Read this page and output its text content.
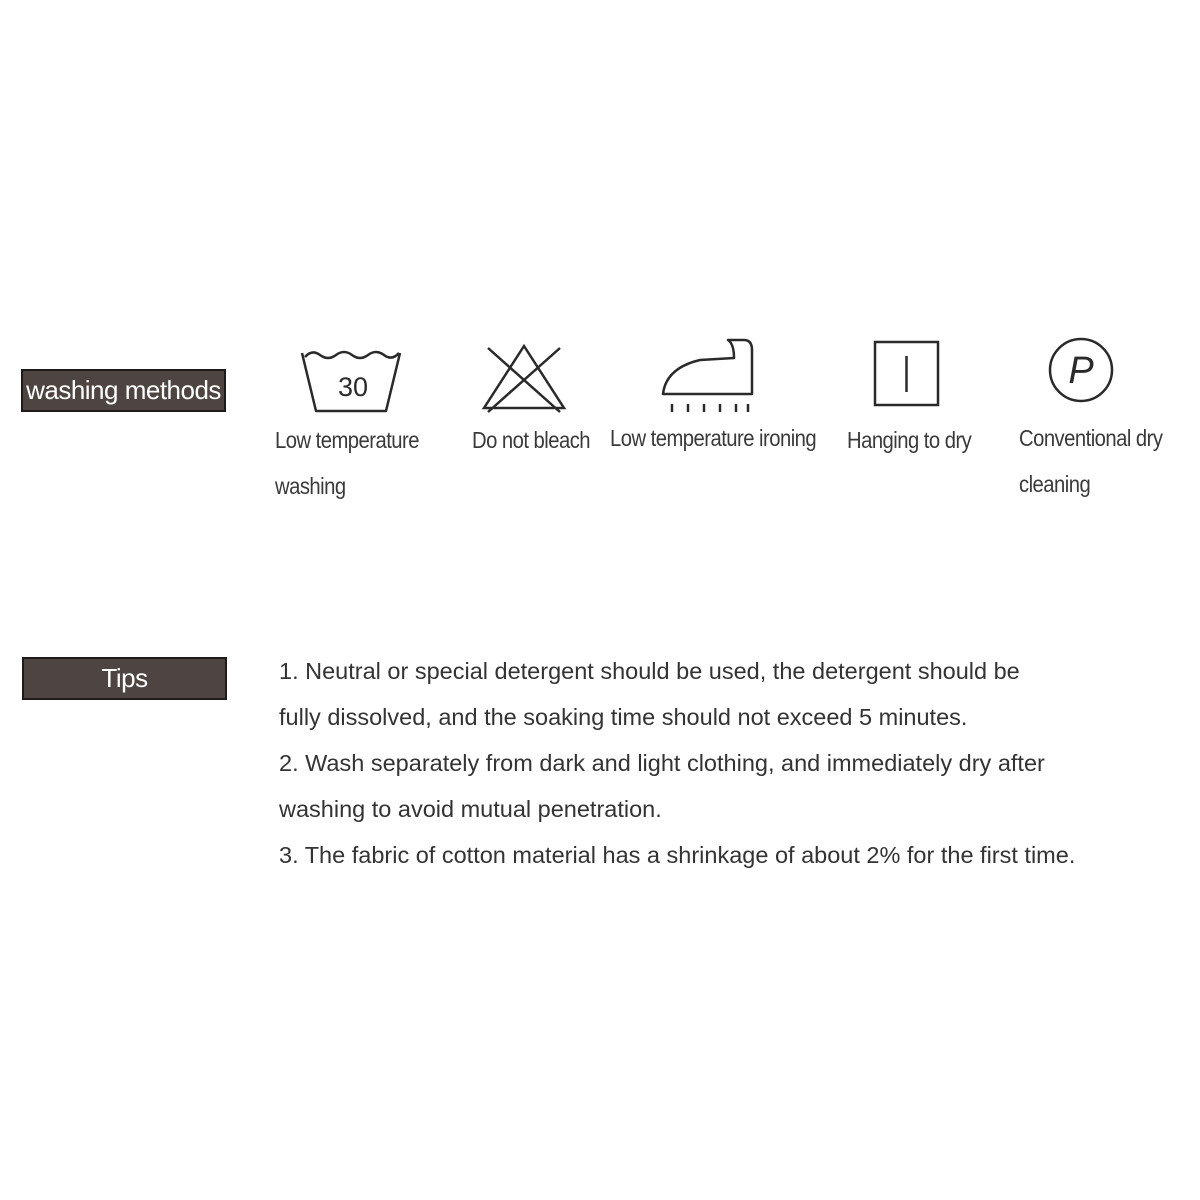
washing methods	30	P
Low temperature
washing
Do not bleach Low temperature ironing Hanging to dry Conventional dry
cleaning
Tips	1. Neutral or special detergent should be used, the detergent should be

fully dissolved, and the soaking time should not exceed 5 minutes.

2. Wash separately from dark and light clothing, and immediately dry after

washing to avoid mutual penetration.

3. The fabric of cotton material has a shrinkage of about 2% for the first time.
